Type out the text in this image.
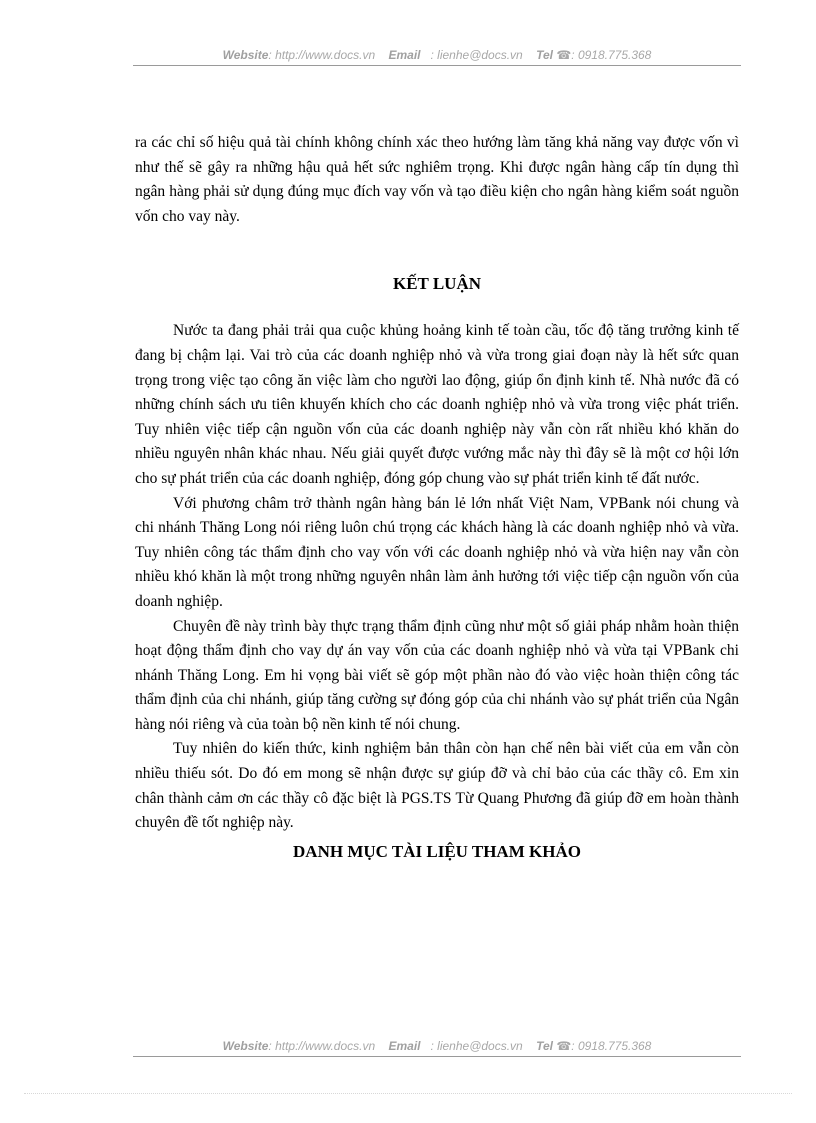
Website: http://www.docs.vn Email : lienhe@docs.vn Tel ☎: 0918.775.368

ra các chỉ số hiệu quả tài chính không chính xác theo hướng làm tăng khả năng vay được vốn vì như thế sẽ gây ra những hậu quả hết sức nghiêm trọng. Khi được ngân hàng cấp tín dụng thì ngân hàng phải sử dụng đúng mục đích vay vốn và tạo điều kiện cho ngân hàng kiểm soát nguồn vốn cho vay này.

KẾT LUẬN

Nước ta đang phải trải qua cuộc khủng hoảng kinh tế toàn cầu, tốc độ tăng trưởng kinh tế đang bị chậm lại. Vai trò của các doanh nghiệp nhỏ và vừa trong giai đoạn này là hết sức quan trọng trong việc tạo công ăn việc làm cho người lao động, giúp ổn định kinh tế. Nhà nước đã có những chính sách ưu tiên khuyến khích cho các doanh nghiệp nhỏ và vừa trong việc phát triển. Tuy nhiên việc tiếp cận nguồn vốn của các doanh nghiệp này vẫn còn rất nhiều khó khăn do nhiều nguyên nhân khác nhau. Nếu giải quyết được vướng mắc này thì đây sẽ là một cơ hội lớn cho sự phát triển của các doanh nghiệp, đóng góp chung vào sự phát triển kinh tế đất nước.

Với phương châm trở thành ngân hàng bán lẻ lớn nhất Việt Nam, VPBank nói chung và chi nhánh Thăng Long nói riêng luôn chú trọng các khách hàng là các doanh nghiệp nhỏ và vừa. Tuy nhiên công tác thẩm định cho vay vốn với các doanh nghiệp nhỏ và vừa hiện nay vẫn còn nhiều khó khăn là một trong những nguyên nhân làm ảnh hưởng tới việc tiếp cận nguồn vốn của doanh nghiệp.

Chuyên đề này trình bày thực trạng thẩm định cũng như một số giải pháp nhằm hoàn thiện hoạt động thẩm định cho vay dự án vay vốn của các doanh nghiệp nhỏ và vừa tại VPBank chi nhánh Thăng Long. Em hi vọng bài viết sẽ góp một phần nào đó vào việc hoàn thiện công tác thẩm định của chi nhánh, giúp tăng cường sự đóng góp của chi nhánh vào sự phát triển của Ngân hàng nói riêng và của toàn bộ nền kinh tế nói chung.

Tuy nhiên do kiến thức, kinh nghiệm bản thân còn hạn chế nên bài viết của em vẫn còn nhiều thiếu sót. Do đó em mong sẽ nhận được sự giúp đỡ và chỉ bảo của các thầy cô. Em xin chân thành cảm ơn các thầy cô đặc biệt là PGS.TS Từ Quang Phương đã giúp đỡ em hoàn thành chuyên đề tốt nghiệp này.

DANH MỤC TÀI LIỆU THAM KHẢO
Website: http://www.docs.vn Email : lienhe@docs.vn Tel ☎: 0918.775.368
